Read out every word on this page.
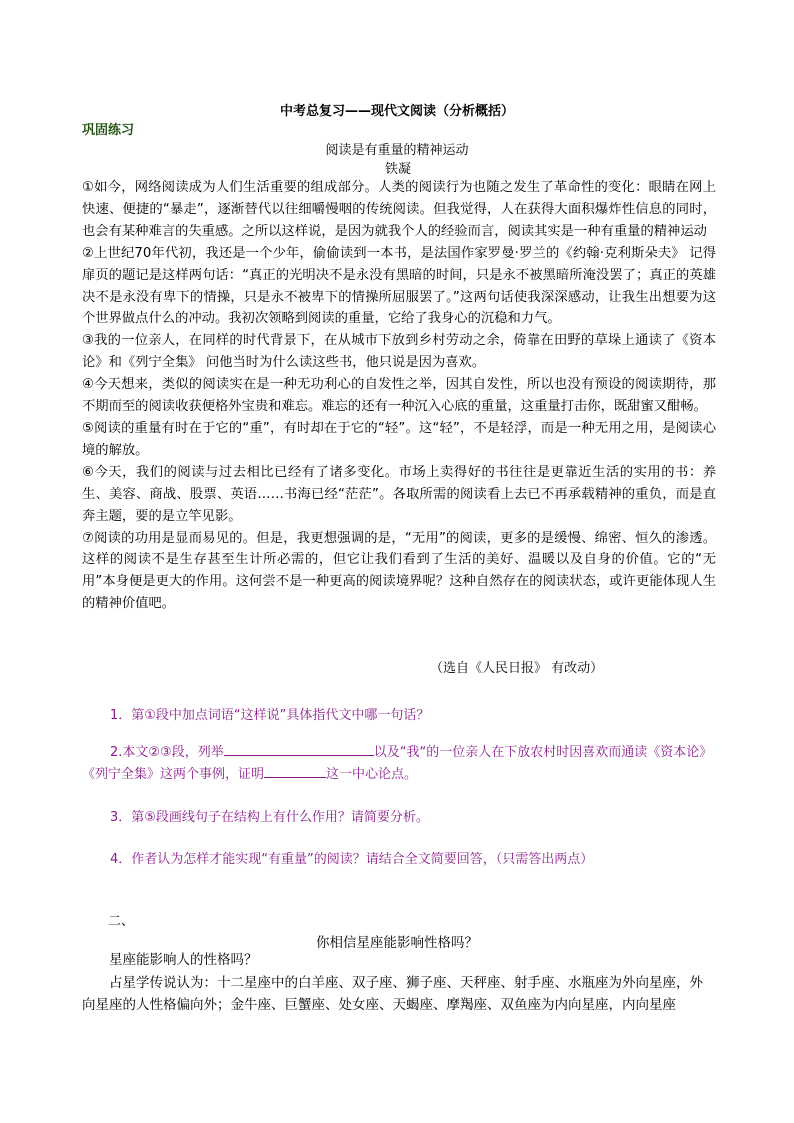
中考总复习——现代文阅读（分析概括）
巩固练习
阅读是有重量的精神运动
铁凝

①如今，网络阅读成为人们生活重要的组成部分。人类的阅读行为也随之发生了革命性的变化：眼睛在网上快速、便捷的“暴走”，逐渐替代以往细嚼慢咽的传统阅读。但我觉得，人在获得大面积爆炸性信息的同时，也会有某种难言的失重感。之所以这样说，是因为就我个人的经验而言，阅读其实是一种有重量的精神运动

②上世纪70年代初，我还是一个少年，偷偷读到一本书，是法国作家罗曼·罗兰的《约翰·克利斯朵夫》 记得扉页的题记是这样两句话：“真正的光明决不是永没有黑暗的时间，只是永不被黑暗所淹没罢了；真正的英雄决不是永没有卑下的情操，只是永不被卑下的情操所屈服罢了。”这两句话使我深深感动，让我生出想要为这个世界做点什么的冲动。我初次领略到阅读的重量，它给了我身心的沉稳和力气。

③我的一位亲人，在同样的时代背景下，在从城市下放到乡村劳动之余，倚靠在田野的草垛上通读了《资本论》和《列宁全集》 问他当时为什么读这些书，他只说是因为喜欢。

④今天想来，类似的阅读实在是一种无功利心的自发性之举，因其自发性，所以也没有预设的阅读期待，那不期而至的阅读收获便格外宝贵和难忘。难忘的还有一种沉入心底的重量，这重量打击你，既甜蜜又酣畅。

⑤阅读的重量有时在于它的“重”，有时却在于它的“轻”。这“轻”，不是轻浮，而是一种无用之用，是阅读心境的解放。

⑥今天，我们的阅读与过去相比已经有了诸多变化。市场上卖得好的书往往是更靠近生活的实用的书：养生、美容、商战、股票、英语……书海已经“茫茫”。各取所需的阅读看上去已不再承载精神的重负，而是直奔主题，要的是立竿见影。

⑦阅读的功用是显而易见的。但是，我更想强调的是，“无用”的阅读，更多的是缓慢、绵密、恒久的渗透。这样的阅读不是生存甚至生计所必需的，但它让我们看到了生活的美好、温暖以及自身的价值。它的“无用”本身便是更大的作用。这何尝不是一种更高的阅读境界呢？这种自然存在的阅读状态，或许更能体现人生的精神价值吧。

（选自《人民日报》 有改动）
1．第①段中加点词语“这样说”具体指代文中哪一句话？
2.本文②③段，列举	以及“我“的一位亲人在下放农村时因喜欢而通读《资本论》《列宁全集》这两个事例，证明	这一中心论点。
3．第⑤段画线句子在结构上有什么作用？请简要分析。
4．作者认为怎样才能实现“有重量”的阅读？请结合全文简要回答，（只需答出两点）
二、
你相信星座能影响性格吗？

星座能影响人的性格吗？

占星学传说认为：十二星座中的白羊座、双子座、狮子座、天秤座、射手座、水瓶座为外向星座，外向星座的人性格偏向外；金牛座、巨蟹座、处女座、天蝎座、摩羯座、双鱼座为内向星座，内向星座
